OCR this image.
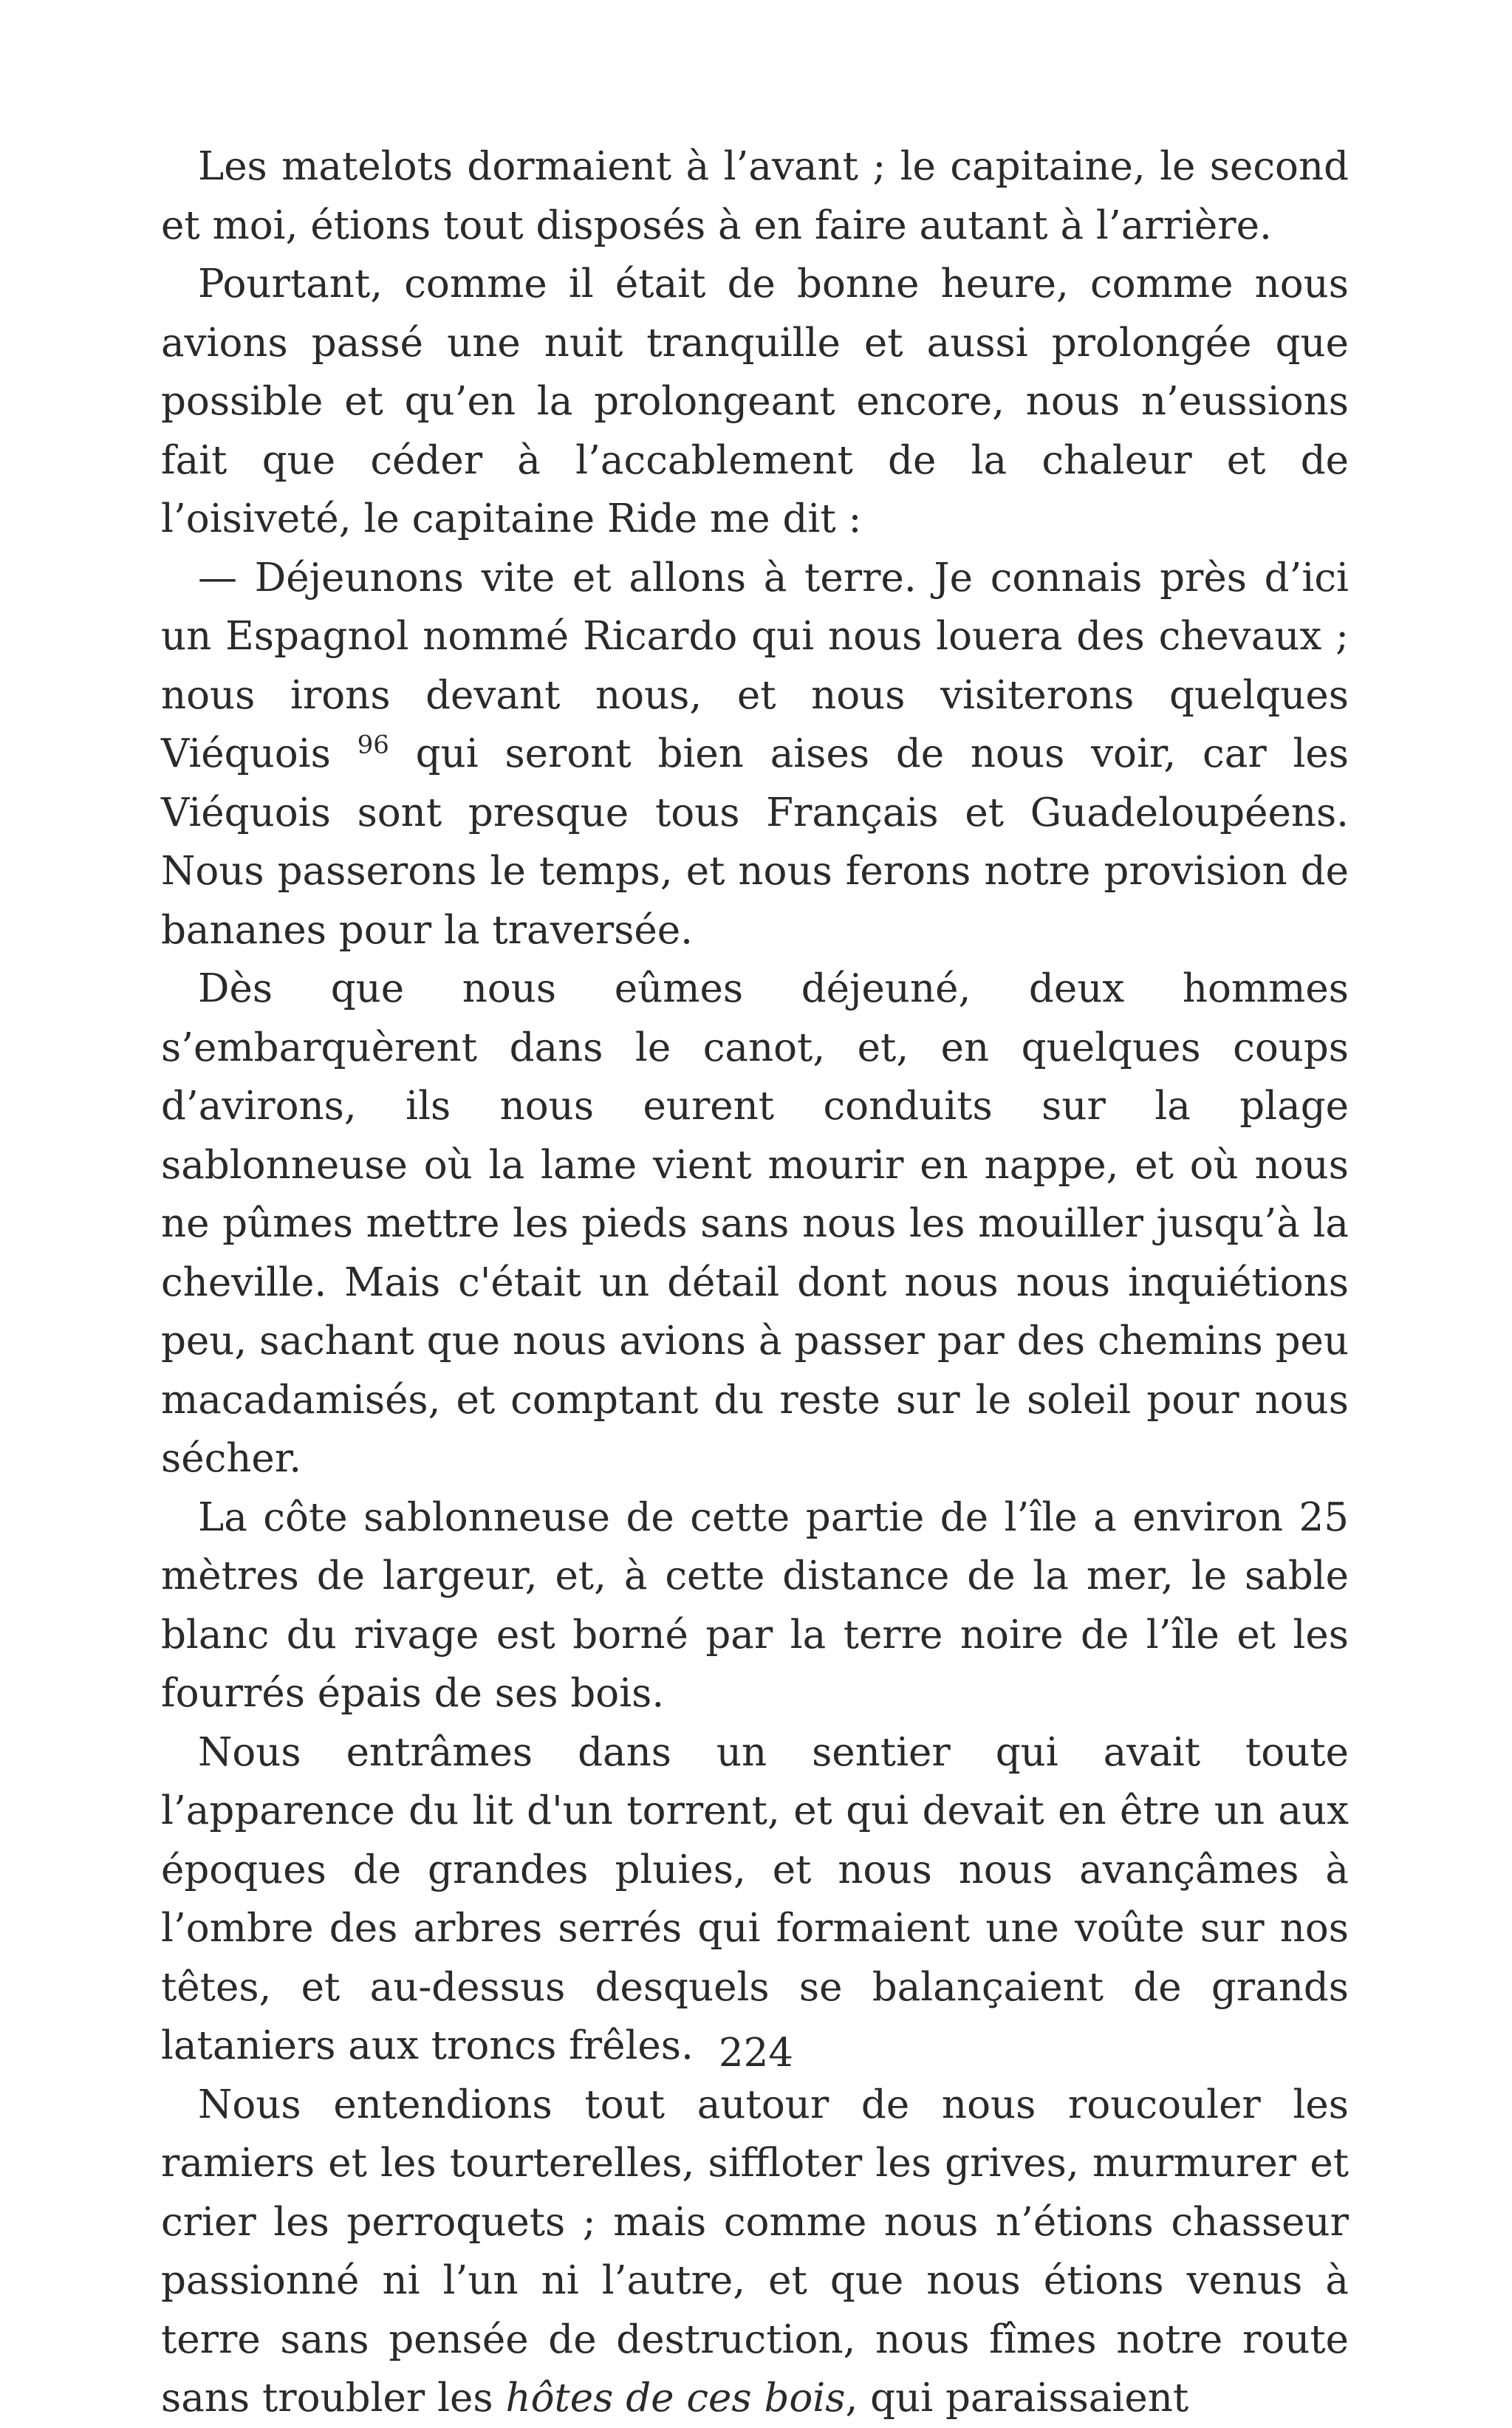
Les matelots dormaient à l’avant ; le capitaine, le second et moi, étions tout disposés à en faire autant à l’arrière.

Pourtant, comme il était de bonne heure, comme nous avions passé une nuit tranquille et aussi prolongée que possible et qu’en la prolongeant encore, nous n’eussions fait que céder à l’accablement de la chaleur et de l’oisiveté, le capitaine Ride me dit :

— Déjeunons vite et allons à terre. Je connais près d’ici un Espagnol nommé Ricardo qui nous louera des chevaux ; nous irons devant nous, et nous visiterons quelques Viéquois $^{96}$ qui seront bien aises de nous voir, car les Viéquois sont presque tous Français et Guadeloupéens. Nous passerons le temps, et nous ferons notre provision de bananes pour la traversée.

Dès que nous eûmes déjeuné, deux hommes s’embarquèrent dans le canot, et, en quelques coups d’avirons, ils nous eurent conduits sur la plage sablonneuse où la lame vient mourir en nappe, et où nous ne pûmes mettre les pieds sans nous les mouiller jusqu’à la cheville. Mais c'était un détail dont nous nous inquiétions peu, sachant que nous avions à passer par des chemins peu macadamisés, et comptant du reste sur le soleil pour nous sécher.

La côte sablonneuse de cette partie de l’île a environ 25 mètres de largeur, et, à cette distance de la mer, le sable blanc du rivage est borné par la terre noire de l’île et les fourrés épais de ses bois.

Nous entrâmes dans un sentier qui avait toute l’apparence du lit d'un torrent, et qui devait en être un aux époques de grandes pluies, et nous nous avançâmes à l’ombre des arbres serrés qui formaient une voûte sur nos têtes, et au-dessus desquels se balançaient de grands lataniers aux troncs frêles.

Nous entendions tout autour de nous roucouler les ramiers et les tourterelles, siffloter les grives, murmurer et crier les perroquets ; mais comme nous n’étions chasseur passionné ni l’un ni l’autre, et que nous étions venus à terre sans pensée de destruction, nous fîmes notre route sans troubler les hôtes de ces bois, qui paraissaient

224
